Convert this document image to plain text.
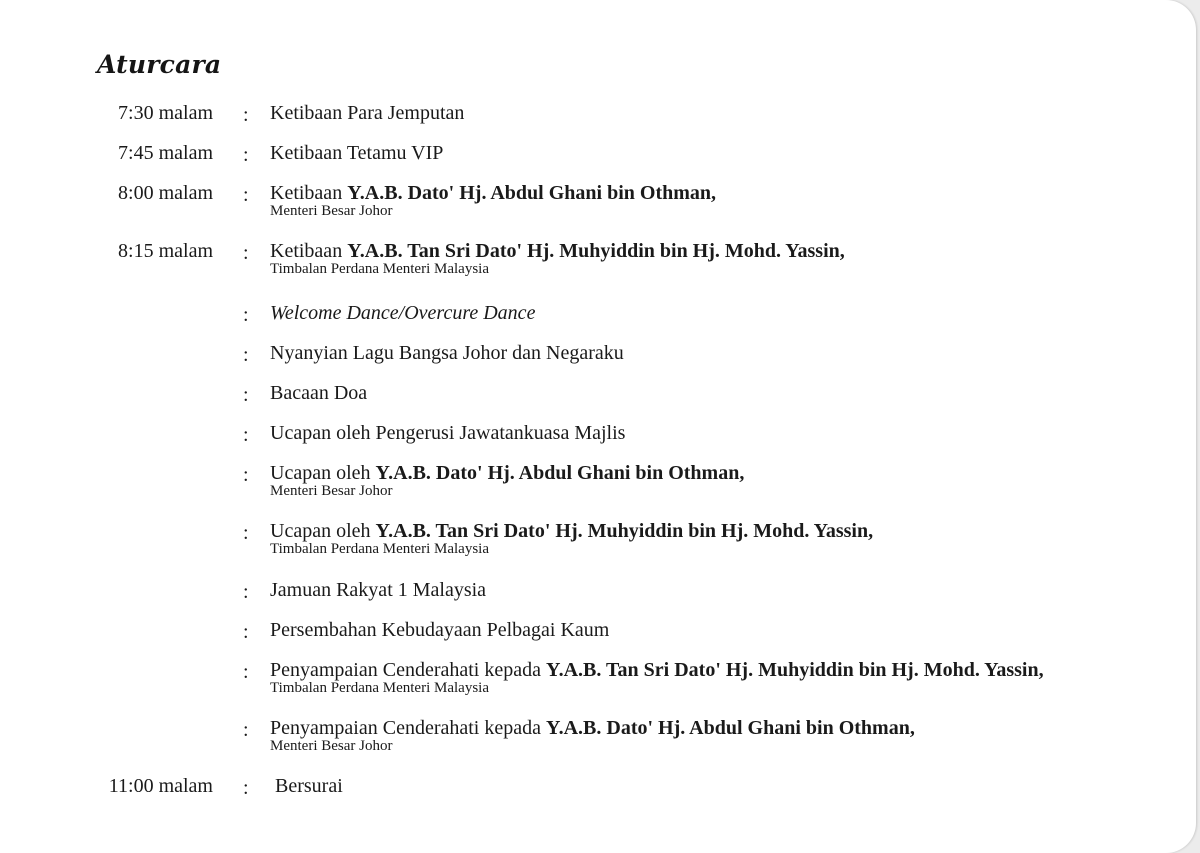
Aturcara
7:30 malam : Ketibaan Para Jemputan
7:45 malam : Ketibaan Tetamu VIP
8:00 malam : Ketibaan Y.A.B. Dato' Hj. Abdul Ghani bin Othman,
Menteri Besar Johor
8:15 malam : Ketibaan Y.A.B. Tan Sri Dato' Hj. Muhyiddin bin Hj. Mohd. Yassin,
Timbalan Perdana Menteri Malaysia
: Welcome Dance/Overcure Dance
: Nyanyian Lagu Bangsa Johor dan Negaraku
: Bacaan Doa
: Ucapan oleh Pengerusi Jawatankuasa Majlis
: Ucapan oleh Y.A.B. Dato' Hj. Abdul Ghani bin Othman,
Menteri Besar Johor
: Ucapan oleh Y.A.B. Tan Sri Dato' Hj. Muhyiddin bin Hj. Mohd. Yassin,
Timbalan Perdana Menteri Malaysia
: Jamuan Rakyat 1 Malaysia
: Persembahan Kebudayaan Pelbagai Kaum
: Penyampaian Cenderahati kepada Y.A.B. Tan Sri Dato' Hj. Muhyiddin bin Hj. Mohd. Yassin,
Timbalan Perdana Menteri Malaysia
: Penyampaian Cenderahati kepada Y.A.B. Dato' Hj. Abdul Ghani bin Othman,
Menteri Besar Johor
11:00 malam : Bersurai
